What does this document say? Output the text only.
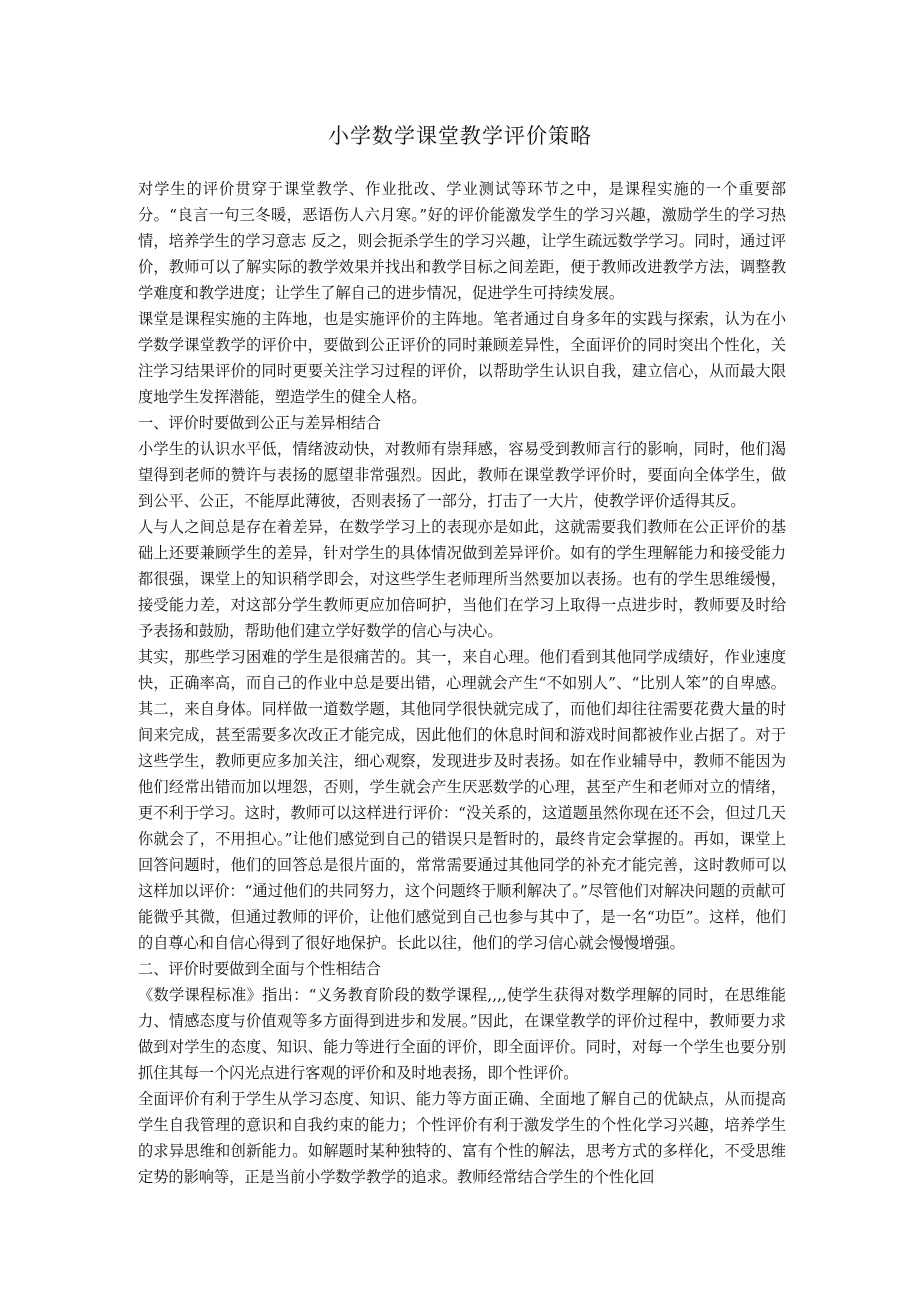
小学数学课堂教学评价策略

对学生的评价贯穿于课堂教学、作业批改、学业测试等环节之中，是课程实施的一个重要部分。“良言一句三冬暖，恶语伤人六月寒。”好的评价能激发学生的学习兴趣，激励学生的学习热情，培养学生的学习意志 反之，则会扼杀学生的学习兴趣，让学生疏远数学学习。同时，通过评价，教师可以了解实际的教学效果并找出和教学目标之间差距，便于教师改进教学方法，调整教学难度和教学进度；让学生了解自己的进步情况，促进学生可持续发展。

课堂是课程实施的主阵地，也是实施评价的主阵地。笔者通过自身多年的实践与探索，认为在小学数学课堂教学的评价中，要做到公正评价的同时兼顾差异性，全面评价的同时突出个性化，关注学习结果评价的同时更要关注学习过程的评价，以帮助学生认识自我，建立信心，从而最大限度地学生发挥潜能，塑造学生的健全人格。

一、评价时要做到公正与差异相结合

小学生的认识水平低，情绪波动快，对教师有崇拜感，容易受到教师言行的影响，同时，他们渴望得到老师的赞许与表扬的愿望非常强烈。因此，教师在课堂教学评价时，要面向全体学生，做到公平、公正，不能厚此薄彼，否则表扬了一部分，打击了一大片，使教学评价适得其反。

人与人之间总是存在着差异，在数学学习上的表现亦是如此，这就需要我们教师在公正评价的基础上还要兼顾学生的差异，针对学生的具体情况做到差异评价。如有的学生理解能力和接受能力都很强，课堂上的知识稍学即会，对这些学生老师理所当然要加以表扬。也有的学生思维缓慢，接受能力差，对这部分学生教师更应加倍呵护，当他们在学习上取得一点进步时，教师要及时给予表扬和鼓励，帮助他们建立学好数学的信心与决心。

其实，那些学习困难的学生是很痛苦的。其一，来自心理。他们看到其他同学成绩好，作业速度快，正确率高，而自己的作业中总是要出错，心理就会产生“不如别人”、“比别人笨”的自卑感。其二，来自身体。同样做一道数学题，其他同学很快就完成了，而他们却往往需要花费大量的时间来完成，甚至需要多次改正才能完成，因此他们的休息时间和游戏时间都被作业占据了。对于这些学生，教师更应多加关注，细心观察，发现进步及时表扬。如在作业辅导中，教师不能因为他们经常出错而加以埋怨，否则，学生就会产生厌恶数学的心理，甚至产生和老师对立的情绪，更不利于学习。这时，教师可以这样进行评价：“没关系的，这道题虽然你现在还不会，但过几天你就会了，不用担心。”让他们感觉到自己的错误只是暂时的，最终肯定会掌握的。再如，课堂上回答问题时，他们的回答总是很片面的，常常需要通过其他同学的补充才能完善，这时教师可以这样加以评价：“通过他们的共同努力，这个问题终于顺利解决了。”尽管他们对解决问题的贡献可能微乎其微，但通过教师的评价，让他们感觉到自己也参与其中了，是一名“功臣”。这样，他们的自尊心和自信心得到了很好地保护。长此以往，他们的学习信心就会慢慢增强。

二、评价时要做到全面与个性相结合

《数学课程标准》指出：“义务教育阶段的数学课程,,,,使学生获得对数学理解的同时，在思维能力、情感态度与价值观等多方面得到进步和发展。”因此，在课堂教学的评价过程中，教师要力求做到对学生的态度、知识、能力等进行全面的评价，即全面评价。同时，对每一个学生也要分别抓住其每一个闪光点进行客观的评价和及时地表扬，即个性评价。

全面评价有利于学生从学习态度、知识、能力等方面正确、全面地了解自己的优缺点，从而提高学生自我管理的意识和自我约束的能力；个性评价有利于激发学生的个性化学习兴趣，培养学生的求异思维和创新能力。如解题时某种独特的、富有个性的解法，思考方式的多样化，不受思维定势的影响等，正是当前小学数学教学的追求。教师经常结合学生的个性化回
